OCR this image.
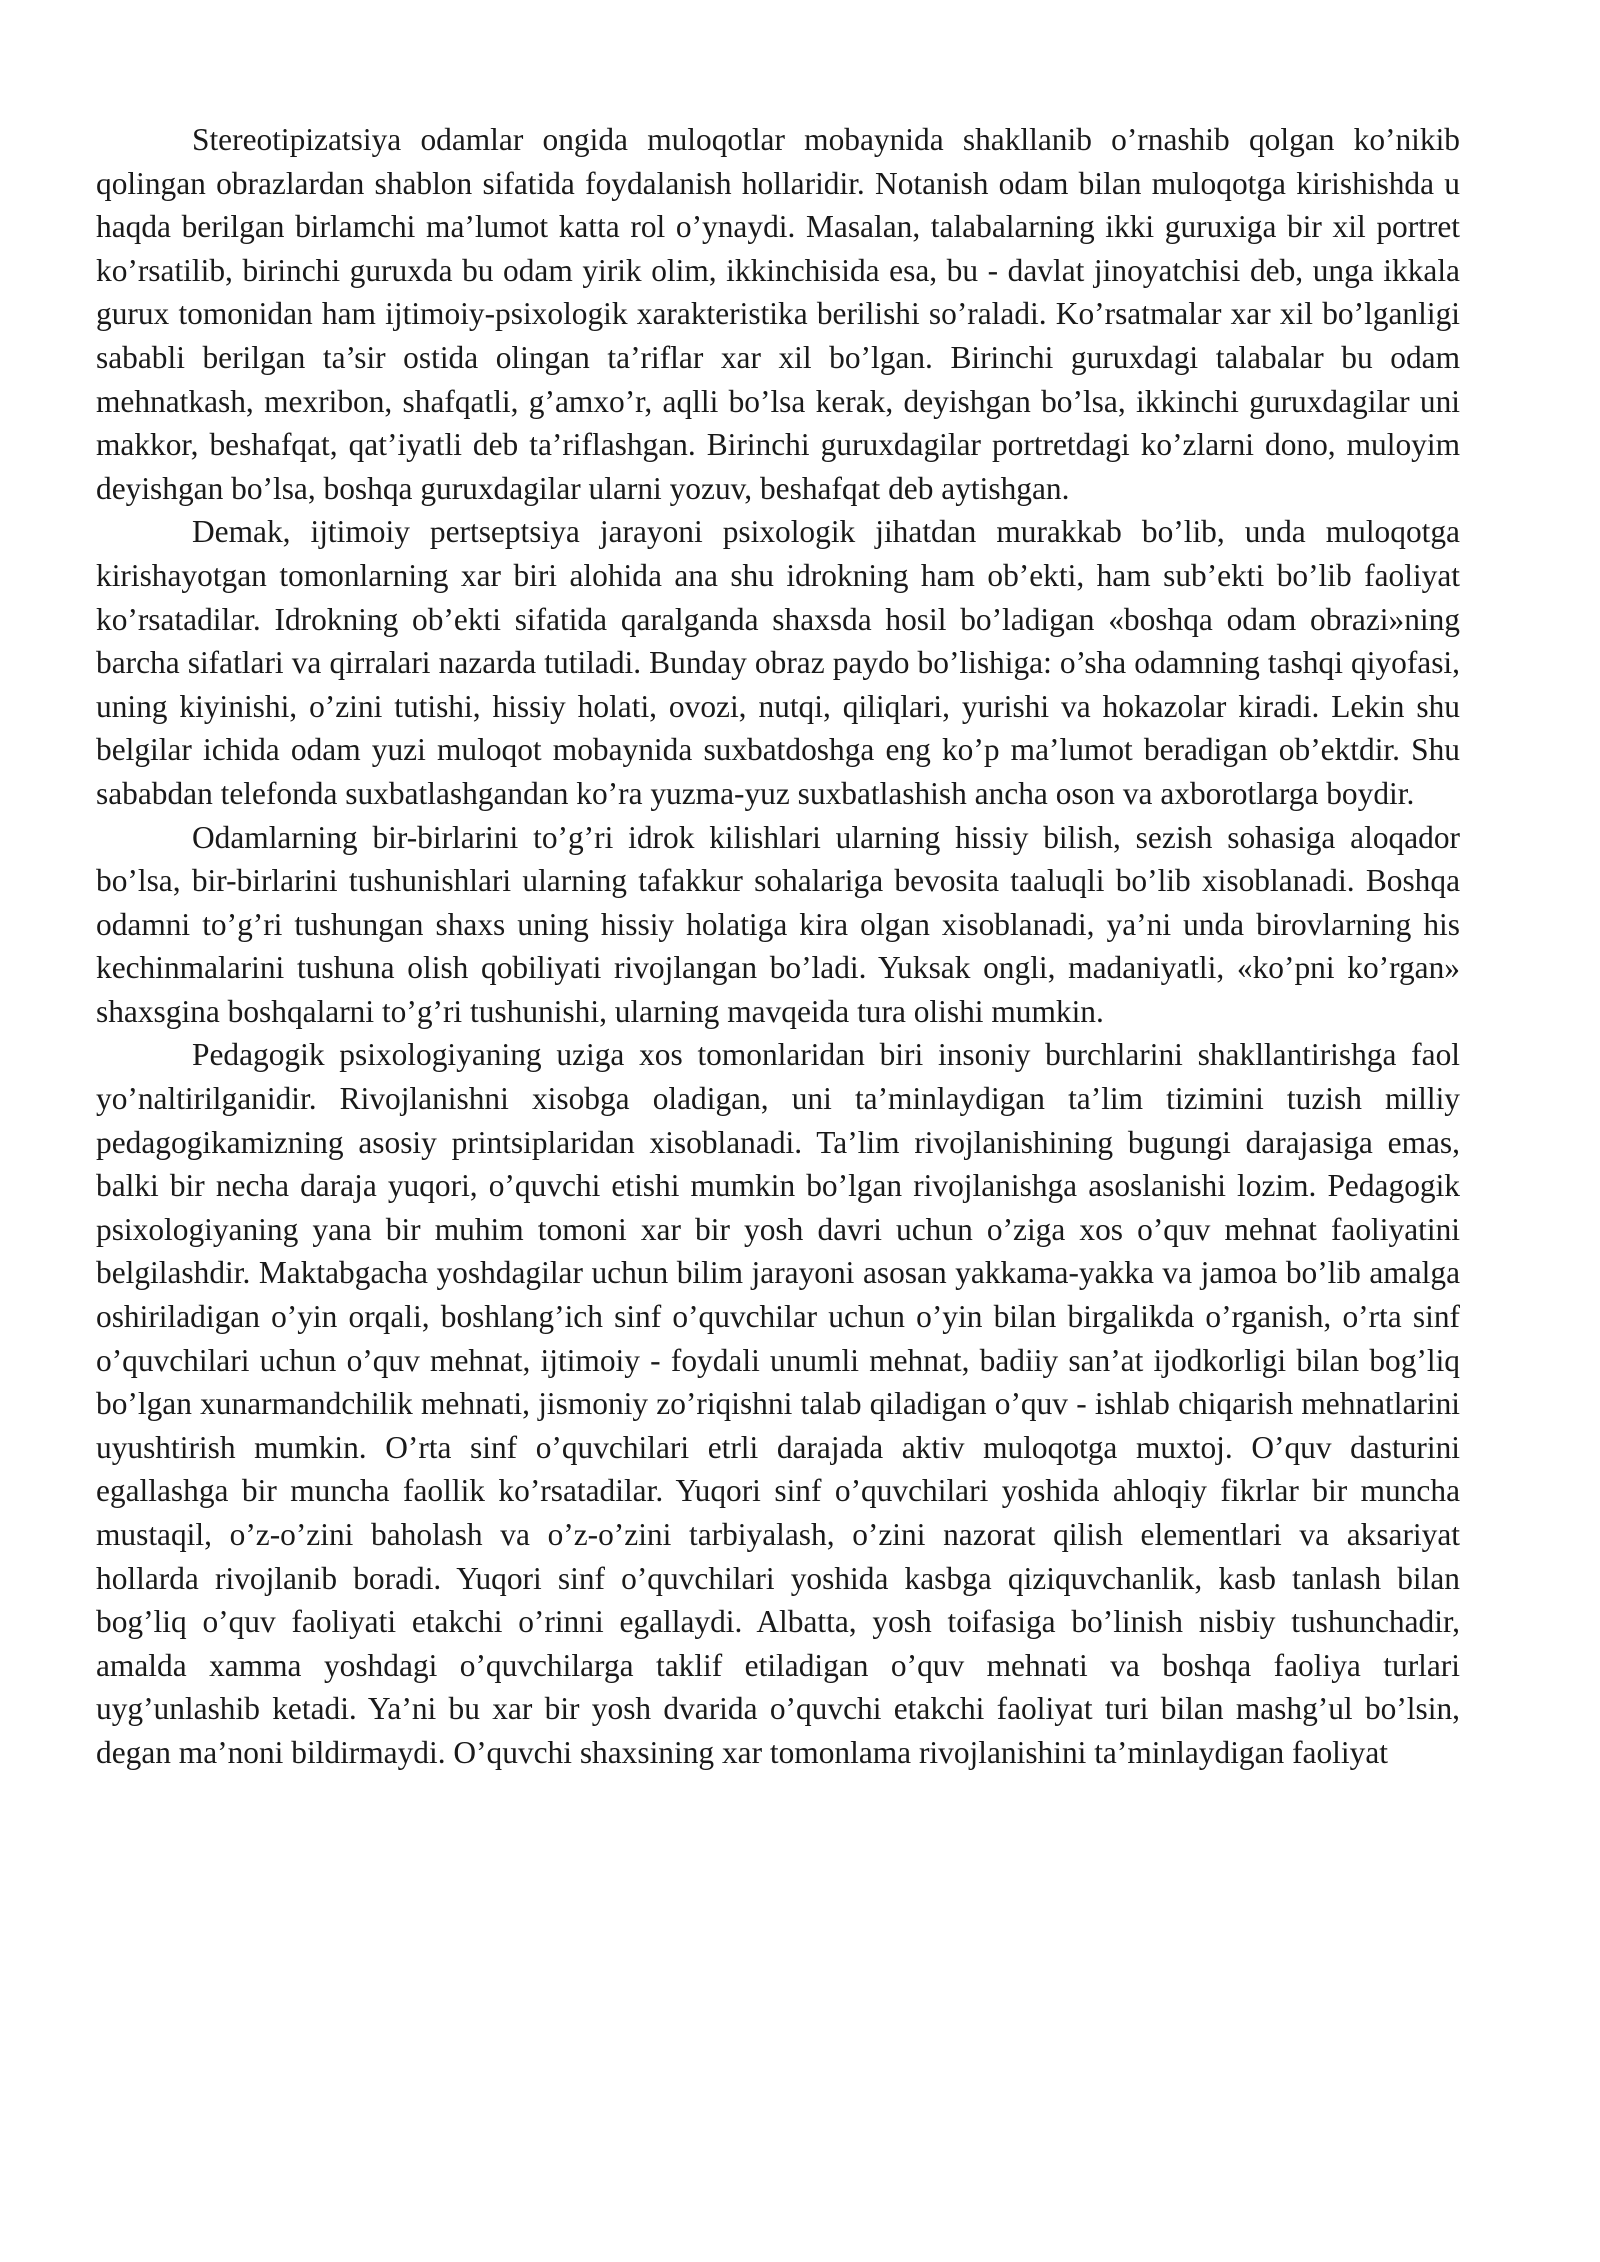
Stereotipizatsiya odamlar ongida muloqotlar mobaynida shakllanib o’rnashib qolgan ko’nikib qolingan obrazlardan shablon sifatida foydalanish hollaridir. Notanish odam bilan muloqotga kirishishda u haqda berilgan birlamchi ma’lumot katta rol o’ynaydi. Masalan, talabalarning ikki guruxiga bir xil portret ko’rsatilib, birinchi guruxda bu odam yirik olim, ikkinchisida esa, bu - davlat jinoyatchisi deb, unga ikkala gurux tomonidan ham ijtimoiy-psixologik xarakteristika berilishi so’raladi. Ko’rsatmalar xar xil bo’lganligi sababli berilgan ta’sir ostida olingan ta’riflar xar xil bo’lgan. Birinchi guruxdagi talabalar bu odam mehnatkash, mexribon, shafqatli, g’amxo’r, aqlli bo’lsa kerak, deyishgan bo’lsa, ikkinchi guruxdagilar uni makkor, beshafqat, qat’iyatli deb ta’riflashgan. Birinchi guruxdagilar portretdagi ko’zlarni dono, muloyim deyishgan bo’lsa, boshqa guruxdagilar ularni yozuv, beshafqat deb aytishgan.

Demak, ijtimoiy pertseptsiya jarayoni psixologik jihatdan murakkab bo’lib, unda muloqotga kirishayotgan tomonlarning xar biri alohida ana shu idrokning ham ob’ekti, ham sub’ekti bo’lib faoliyat ko’rsatadilar. Idrokning ob’ekti sifatida qaralganda shaxsda hosil bo’ladigan «boshqa odam obrazi»ning barcha sifatlari va qirralari nazarda tutiladi. Bunday obraz paydo bo’lishiga: o’sha odamning tashqi qiyofasi, uning kiyinishi, o’zini tutishi, hissiy holati, ovozi, nutqi, qiliqlari, yurishi va hokazolar kiradi. Lekin shu belgilar ichida odam yuzi muloqot mobaynida suxbatdoshga eng ko’p ma’lumot beradigan ob’ektdir. Shu sababdan telefonda suxbatlashgandan ko’ra yuzma-yuz suxbatlashish ancha oson va axborotlarga boydir.

Odamlarning bir-birlarini to’g’ri idrok kilishlari ularning hissiy bilish, sezish sohasiga aloqador bo’lsa, bir-birlarini tushunishlari ularning tafakkur sohalariga bevosita taaluqli bo’lib xisoblanadi. Boshqa odamni to’g’ri tushungan shaxs uning hissiy holatiga kira olgan xisoblanadi, ya’ni unda birovlarning his kechinmalarini tushuna olish qobiliyati rivojlangan bo’ladi. Yuksak ongli, madaniyatli, «ko’pni ko’rgan» shaxsgina boshqalarni to’g’ri tushunishi, ularning mavqeida tura olishi mumkin.

Pedagogik psixologiyaning uziga xos tomonlaridan biri insoniy burchlarini shakllantirishga faol yo’naltirilganidir. Rivojlanishni xisobga oladigan, uni ta’minlaydigan ta’lim tizimini tuzish milliy pedagogikamizning asosiy printsiplaridan xisoblanadi. Ta’lim rivojlanishining bugungi darajasiga emas, balki bir necha daraja yuqori, o’quvchi etishi mumkin bo’lgan rivojlanishga asoslanishi lozim. Pedagogik psixologiyaning yana bir muhim tomoni xar bir yosh davri uchun o’ziga xos o’quv mehnat faoliyatini belgilashdir. Maktabgacha yoshdagilar uchun bilim jarayoni asosan yakkama-yakka va jamoa bo’lib amalga oshiriladigan o’yin orqali, boshlang’ich sinf o’quvchilar uchun o’yin bilan birgalikda o’rganish, o’rta sinf o’quvchilari uchun o’quv mehnat, ijtimoiy - foydali unumli mehnat, badiiy san’at ijodkorligi bilan bog’liq bo’lgan xunarmandchilik mehnati, jismoniy zo’riqishni talab qiladigan o’quv - ishlab chiqarish mehnatlarini uyushtirish mumkin. O’rta sinf o’quvchilari etrli darajada aktiv muloqotga muxtoj. O’quv dasturini egallashga bir muncha faollik ko’rsatadilar. Yuqori sinf o’quvchilari yoshida ahloqiy fikrlar bir muncha mustaqil, o’z-o’zini baholash va o’z-o’zini tarbiyalash, o’zini nazorat qilish elementlari va aksariyat hollarda rivojlanib boradi. Yuqori sinf o’quvchilari yoshida kasbga qiziquvchanlik, kasb tanlash bilan bog’liq o’quv faoliyati etakchi o’rinni egallaydi. Albatta, yosh toifasiga bo’linish nisbiy tushunchadir, amalda xamma yoshdagi o’quvchilarga taklif etiladigan o’quv mehnati va boshqa faoliya turlari uyg’unlashib ketadi. Ya’ni bu xar bir yosh dvarida o’quvchi etakchi faoliyat turi bilan mashg’ul bo’lsin, degan ma’noni bildirmaydi. O’quvchi shaxsining xar tomonlama rivojlanishini ta’minlaydigan faoliyat
